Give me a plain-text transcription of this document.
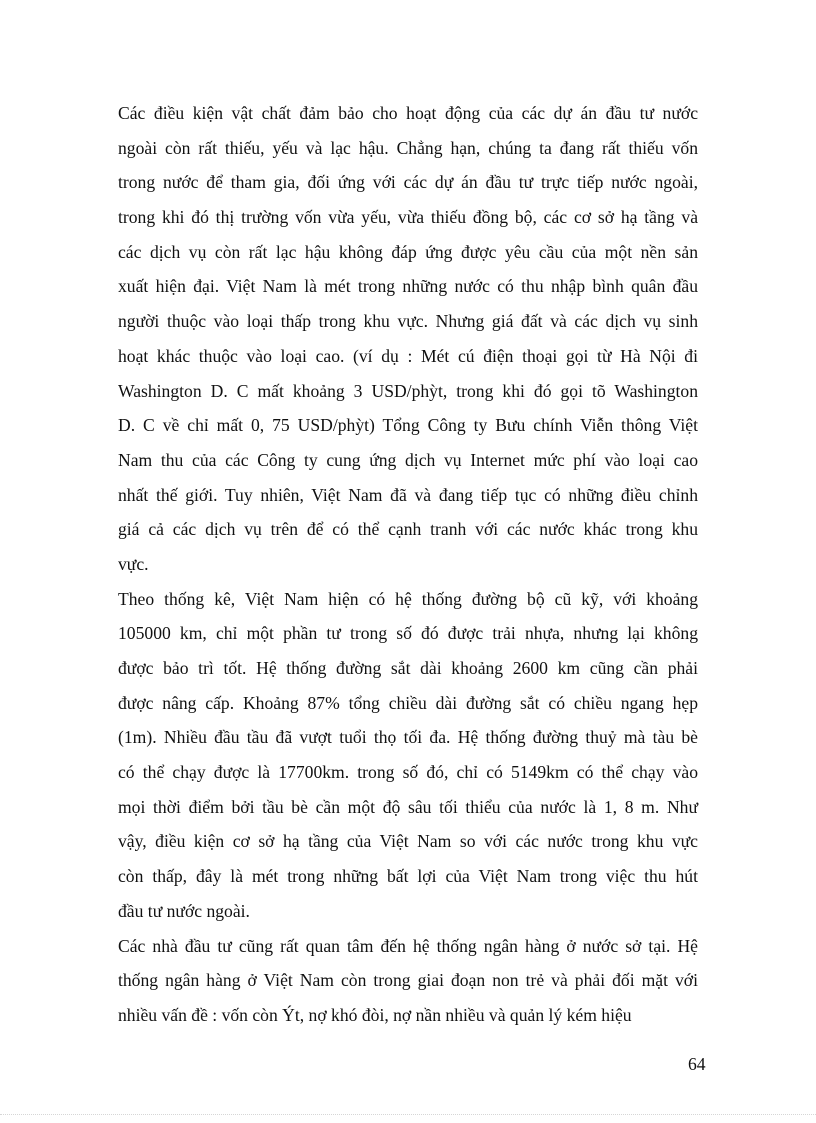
Các điều kiện vật chất đảm bảo cho hoạt động của các dự án đầu tư nước
ngoài còn rất thiếu, yếu và lạc hậu. Chẳng hạn, chúng ta đang rất thiếu vốn
trong nước để tham gia, đối ứng với các dự án đầu tư trực tiếp nước ngoài,
trong khi đó thị trường vốn vừa yếu, vừa thiếu đồng bộ, các cơ sở hạ tầng và
các dịch vụ còn rất lạc hậu không đáp ứng được yêu cầu của một nền sản
xuất hiện đại. Việt Nam là mét trong những nước có thu nhập bình quân đầu
người thuộc vào loại thấp trong khu vực. Nhưng giá đất và các dịch vụ sinh
hoạt khác thuộc vào loại cao. (ví dụ : Mét cú điện thoại gọi từ Hà Nội đi
Washington D. C mất khoảng 3 USD/phỳt, trong khi đó gọi tõ Washington
D. C về chỉ mất 0, 75 USD/phỳt) Tổng Công ty Bưu chính Viễn thông Việt
Nam thu của các Công ty cung ứng dịch vụ Internet mức phí vào loại cao
nhất thế giới. Tuy nhiên, Việt Nam đã và đang tiếp tục có những điều chỉnh
giá cả các dịch vụ trên để có thể cạnh tranh với các nước khác trong khu
vực.
Theo thống kê, Việt Nam hiện có hệ thống đường bộ cũ kỹ, với khoảng
105000 km, chỉ một phần tư trong số đó được trải nhựa, nhưng lại không
được bảo trì tốt. Hệ thống đường sắt dài khoảng 2600 km cũng cần phải
được nâng cấp. Khoảng 87% tổng chiều dài đường sắt có chiều ngang hẹp
(1m). Nhiều đầu tầu đã vượt tuổi thọ tối đa. Hệ thống đường thuỷ mà tàu bè
có thể chạy được là 17700km. trong số đó, chỉ có 5149km có thể chạy vào
mọi thời điểm bởi tầu bè cần một độ sâu tối thiểu của nước là 1, 8 m. Như
vậy, điều kiện cơ sở hạ tầng của Việt Nam so với các nước trong khu vực
còn thấp, đây là mét trong những bất lợi của Việt Nam trong việc thu hút
đầu tư nước ngoài.
Các nhà đầu tư cũng rất quan tâm đến hệ thống ngân hàng ở nước sở tại. Hệ
thống ngân hàng ở Việt Nam còn trong giai đoạn non trẻ và phải đối mặt với
nhiều vấn đề : vốn còn Ýt, nợ khó đòi, nợ nần nhiều và quản lý kém hiệu
64
